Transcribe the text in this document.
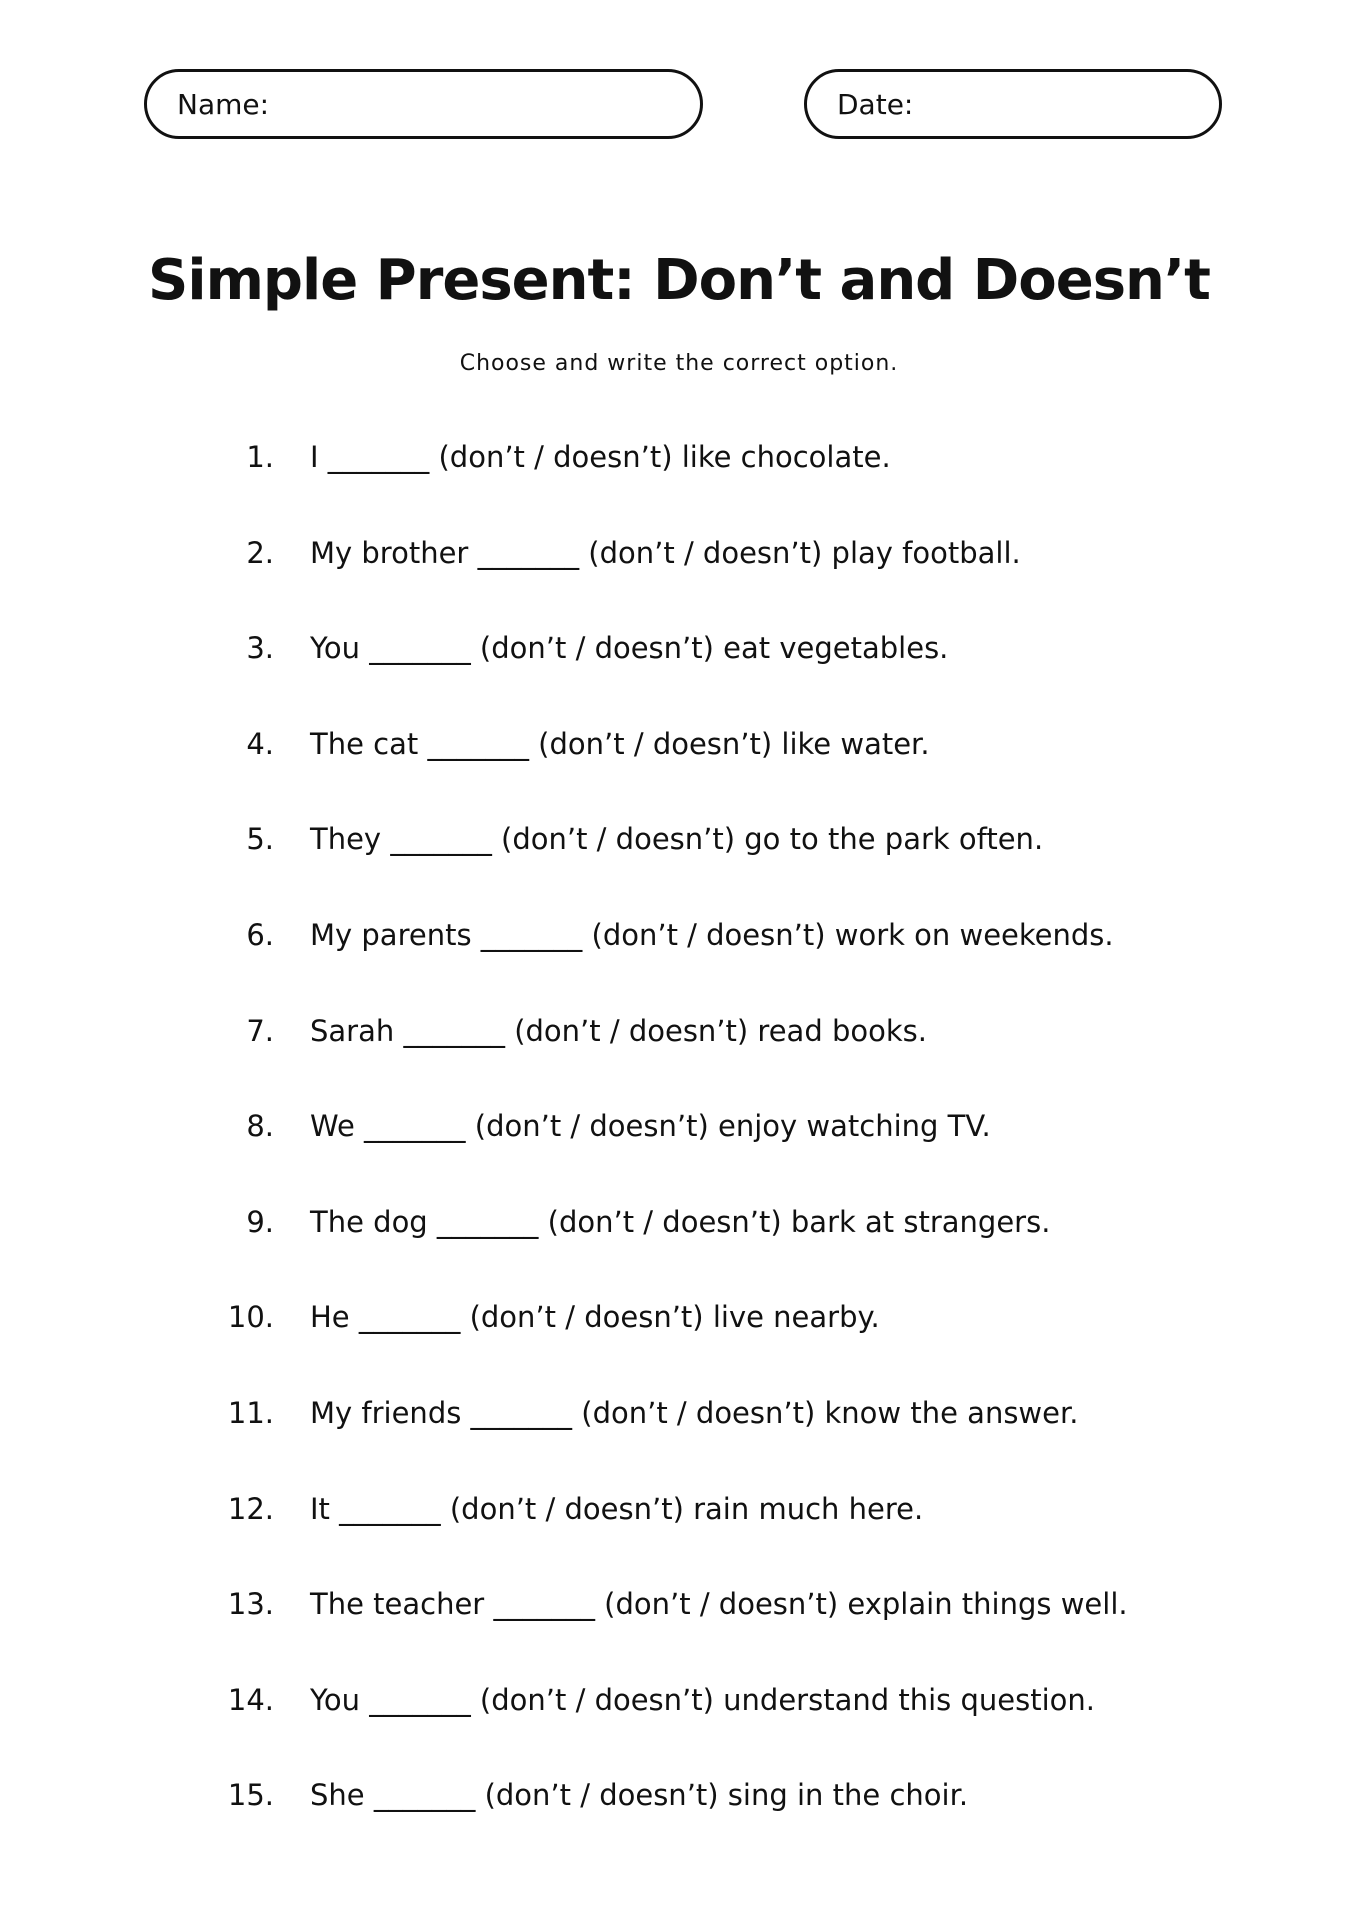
Name:	Date:
Simple Present: Don’t and Doesn’t

Choose and write the correct option.

1. I _______ (don’t / doesn’t) like chocolate.
2. My brother _______ (don’t / doesn’t) play football.
3. You _______ (don’t / doesn’t) eat vegetables.
4. The cat _______ (don’t / doesn’t) like water.
5. They _______ (don’t / doesn’t) go to the park often.
6. My parents _______ (don’t / doesn’t) work on weekends.
7. Sarah _______ (don’t / doesn’t) read books.
8. We _______ (don’t / doesn’t) enjoy watching TV.
9. The dog _______ (don’t / doesn’t) bark at strangers.
10. He _______ (don’t / doesn’t) live nearby.
11. My friends _______ (don’t / doesn’t) know the answer.
12. It _______ (don’t / doesn’t) rain much here.
13. The teacher _______ (don’t / doesn’t) explain things well.
14. You _______ (don’t / doesn’t) understand this question.
15. She _______ (don’t / doesn’t) sing in the choir.
